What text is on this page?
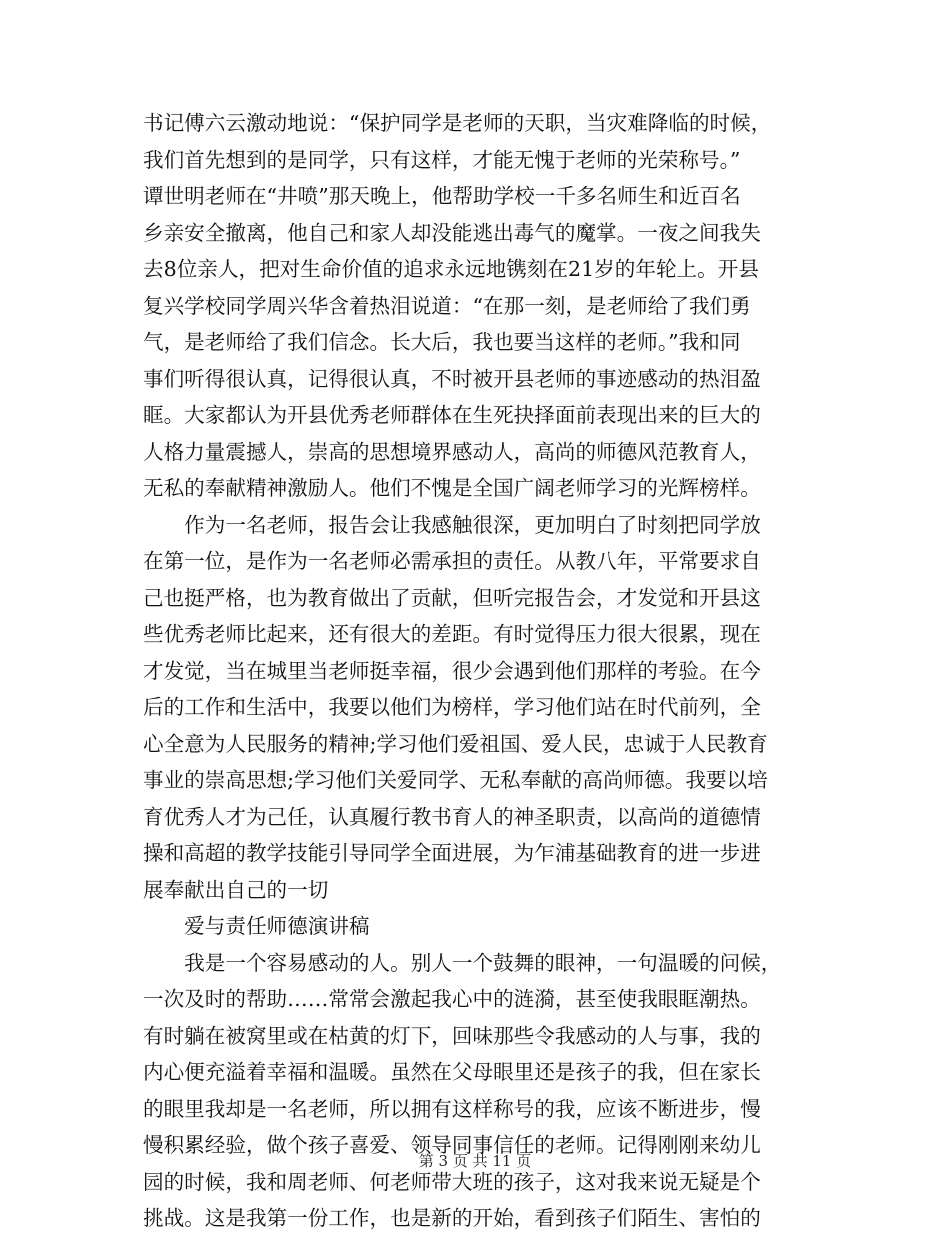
书记傅六云激动地说：“保护同学是老师的天职，当灾难降临的时候，
我们首先想到的是同学，只有这样，才能无愧于老师的光荣称号。”
谭世明老师在“井喷”那天晚上，他帮助学校一千多名师生和近百名
乡亲安全撤离，他自己和家人却没能逃出毒气的魔掌。一夜之间我失
去8位亲人，把对生命价值的追求永远地镌刻在21岁的年轮上。开县
复兴学校同学周兴华含着热泪说道：“在那一刻，是老师给了我们勇
气，是老师给了我们信念。长大后，我也要当这样的老师。”我和同
事们听得很认真，记得很认真，不时被开县老师的事迹感动的热泪盈
眶。大家都认为开县优秀老师群体在生死抉择面前表现出来的巨大的
人格力量震撼人，崇高的思想境界感动人，高尚的师德风范教育人，
无私的奉献精神激励人。他们不愧是全国广阔老师学习的光辉榜样。
　　作为一名老师，报告会让我感触很深，更加明白了时刻把同学放
在第一位，是作为一名老师必需承担的责任。从教八年，平常要求自
己也挺严格，也为教育做出了贡献，但听完报告会，才发觉和开县这
些优秀老师比起来，还有很大的差距。有时觉得压力很大很累，现在
才发觉，当在城里当老师挺幸福，很少会遇到他们那样的考验。在今
后的工作和生活中，我要以他们为榜样，学习他们站在时代前列，全
心全意为人民服务的精神;学习他们爱祖国、爱人民，忠诚于人民教育
事业的崇高思想;学习他们关爱同学、无私奉献的高尚师德。我要以培
育优秀人才为己任，认真履行教书育人的神圣职责，以高尚的道德情
操和高超的教学技能引导同学全面进展，为乍浦基础教育的进一步进
展奉献出自己的一切
　　爱与责任师德演讲稿
　　我是一个容易感动的人。别人一个鼓舞的眼神，一句温暖的问候，
一次及时的帮助……常常会激起我心中的涟漪，甚至使我眼眶潮热。
有时躺在被窝里或在枯黄的灯下，回味那些令我感动的人与事，我的
内心便充溢着幸福和温暖。虽然在父母眼里还是孩子的我，但在家长
的眼里我却是一名老师，所以拥有这样称号的我，应该不断进步，慢
慢积累经验，做个孩子喜爱、领导同事信任的老师。记得刚刚来幼儿
园的时候，我和周老师、何老师带大班的孩子，这对我来说无疑是个
挑战。这是我第一份工作，也是新的开始，看到孩子们陌生、害怕的
第 3 页 共 11 页
